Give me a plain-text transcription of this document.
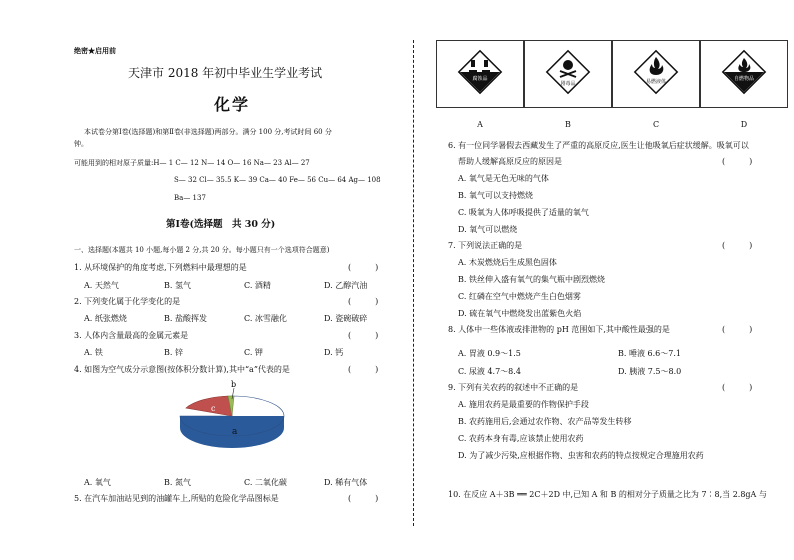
绝密★启用前
天津市 2018 年初中毕业生学业考试
化学
本试卷分第Ⅰ卷(选择题)和第Ⅱ卷(非选择题)两部分。满分 100 分,考试时间 60 分
钟。
可能用到的相对原子质量:H— 1 C— 12 N— 14 O— 16 Na— 23 Al— 27
S— 32 Cl— 35.5 K— 39 Ca— 40 Fe— 56 Cu— 64 Ag— 108
Ba— 137
第Ⅰ卷(选择题　共 30 分)
一、选择题(本题共 10 小题,每小题 2 分,共 20 分。每小题只有一个选项符合题意)
1. 从环境保护的角度考虑,下列燃料中最理想的是	(　　　)
A. 天然气	B. 氢气	C. 酒精	D. 乙醇汽油
2. 下列变化属于化学变化的是	(　　　)
A. 纸张燃烧	B. 盐酸挥发	C. 冰雪融化	D. 瓷碗破碎
3. 人体内含量最高的金属元素是	(　　　)
A. 铁	B. 锌	C. 钾	D. 钙
4. 如图为空气成分示意图(按体积分数计算),其中“a”代表的是	(　　　)
b
c
a
A. 氧气	B. 氮气	C. 二氧化碳	D. 稀有气体
5. 在汽车加油站见到的油罐车上,所贴的危险化学品图标是	(　　　)
腐蚀品
剧毒品	易燃液体	自燃物品
A	B	C	D
6. 有一位同学暑假去西藏发生了严重的高原反应,医生让他吸氧后症状缓解。吸氧可以
帮助人缓解高原反应的原因是	(　　　)
A. 氧气是无色无味的气体
B. 氧气可以支持燃烧
C. 吸氧为人体呼吸提供了适量的氧气
D. 氧气可以燃烧
7. 下列说法正确的是	(　　　)
A. 木炭燃烧后生成黑色固体
B. 铁丝伸入盛有氧气的集气瓶中剧烈燃烧
C. 红磷在空气中燃烧产生白色烟雾
D. 硫在氧气中燃烧发出蓝紫色火焰
8. 人体中一些体液或排泄物的 pH 范围如下,其中酸性最强的是	(　　　)
A. 胃液 0.9～1.5	B. 唾液 6.6～7.1
C. 尿液 4.7～8.4	D. 胰液 7.5～8.0
9. 下列有关农药的叙述中不正确的是	(　　　)
A. 施用农药是最重要的作物保护手段
B. 农药施用后,会通过农作物、农产品等发生转移
C. 农药本身有毒,应该禁止使用农药
D. 为了减少污染,应根据作物、虫害和农药的特点按规定合理施用农药
10. 在反应 A＋3B ══ 2C＋2D 中,已知 A 和 B 的相对分子质量之比为 7∶8,当 2.8gA 与
